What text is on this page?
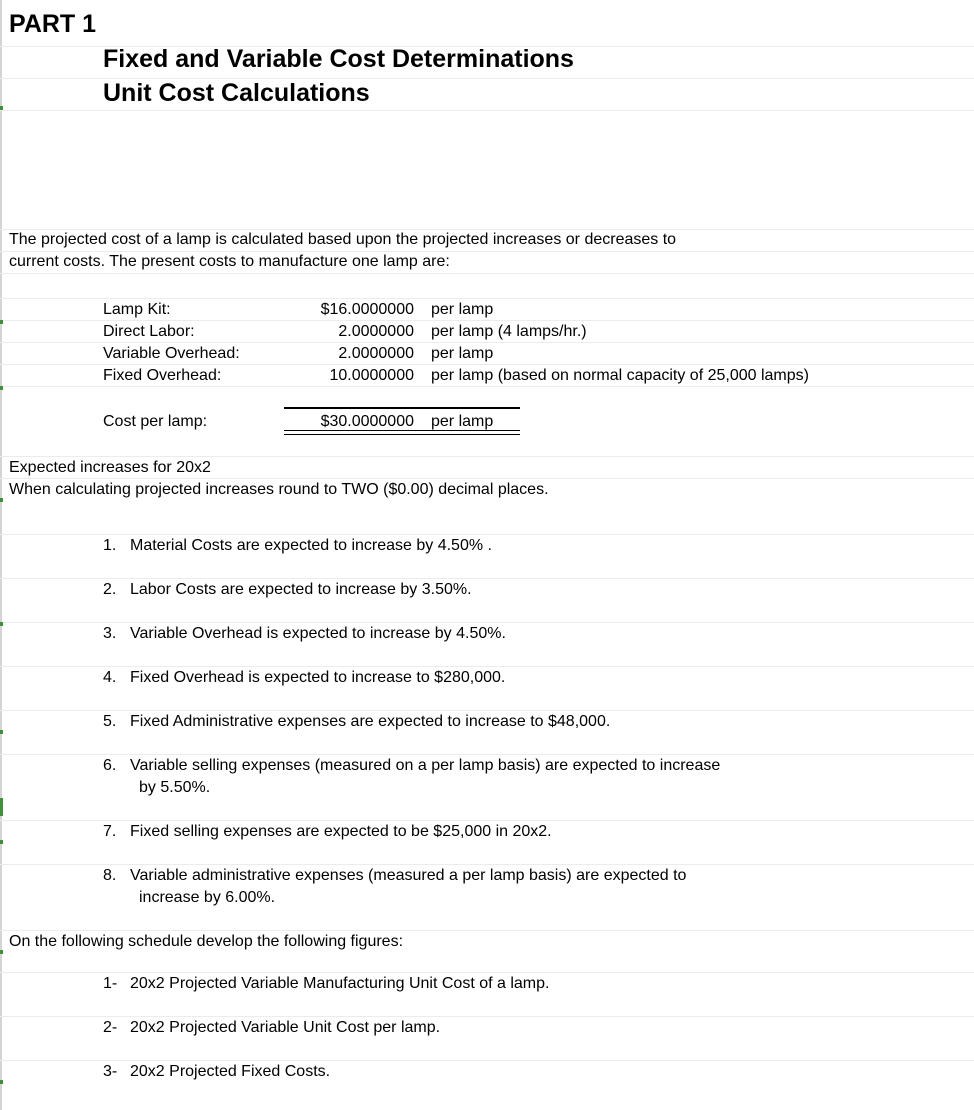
PART 1
Fixed and Variable Cost Determinations
Unit Cost Calculations
The projected cost of a lamp is calculated based upon the projected increases or decreases to
current costs. The present costs to manufacture one lamp are:
Lamp Kit:	$16.0000000 per lamp
Direct Labor:	2.0000000 per lamp (4 lamps/hr.)
Variable Overhead:	2.0000000 per lamp
Fixed Overhead:	10.0000000 per lamp (based on normal capacity of 25,000 lamps)
Cost per lamp:	$30.0000000 per lamp
Expected increases for 20x2
When calculating projected increases round to TWO ($0.00) decimal places.
1. Material Costs are expected to increase by 4.50% .
2. Labor Costs are expected to increase by 3.50%.
3. Variable Overhead is expected to increase by 4.50%.
4. Fixed Overhead is expected to increase to $280,000.
5. Fixed Administrative expenses are expected to increase to $48,000.
6. Variable selling expenses (measured on a per lamp basis) are expected to increase
by 5.50%.
7. Fixed selling expenses are expected to be $25,000 in 20x2.
8. Variable administrative expenses (measured a per lamp basis) are expected to
increase by 6.00%.
On the following schedule develop the following figures:
1- 20x2 Projected Variable Manufacturing Unit Cost of a lamp.
2- 20x2 Projected Variable Unit Cost per lamp.
3- 20x2 Projected Fixed Costs.
